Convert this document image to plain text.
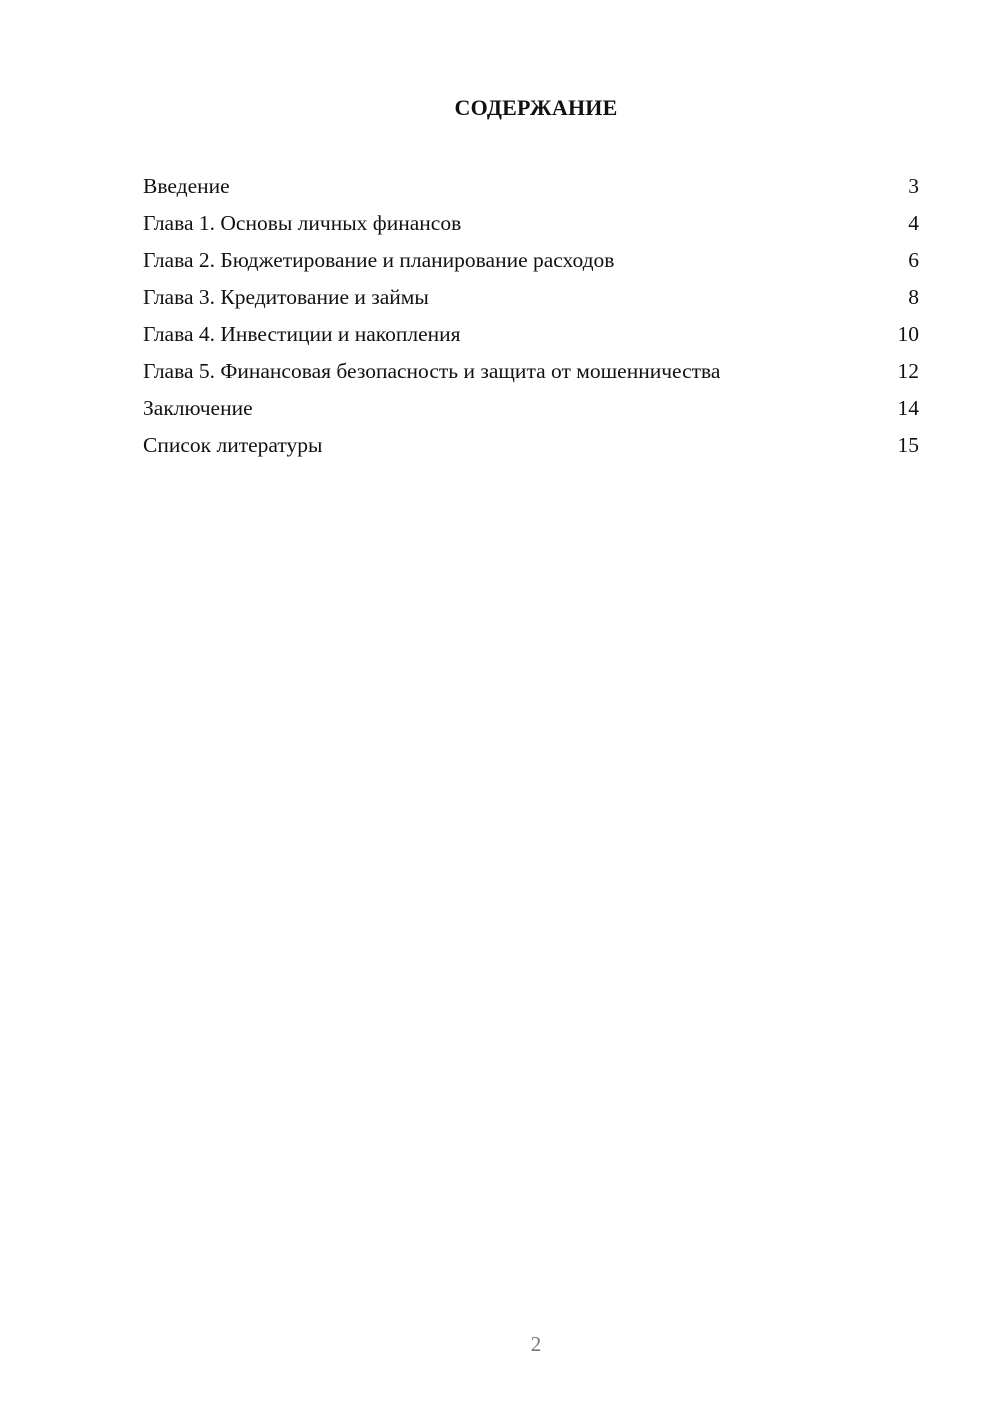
СОДЕРЖАНИЕ
Введение	3
Глава 1. Основы личных финансов	4
Глава 2. Бюджетирование и планирование расходов	6
Глава 3. Кредитование и займы	8
Глава 4. Инвестиции и накопления	10
Глава 5. Финансовая безопасность и защита от мошенничества	12
Заключение	14
Список литературы	15
2
